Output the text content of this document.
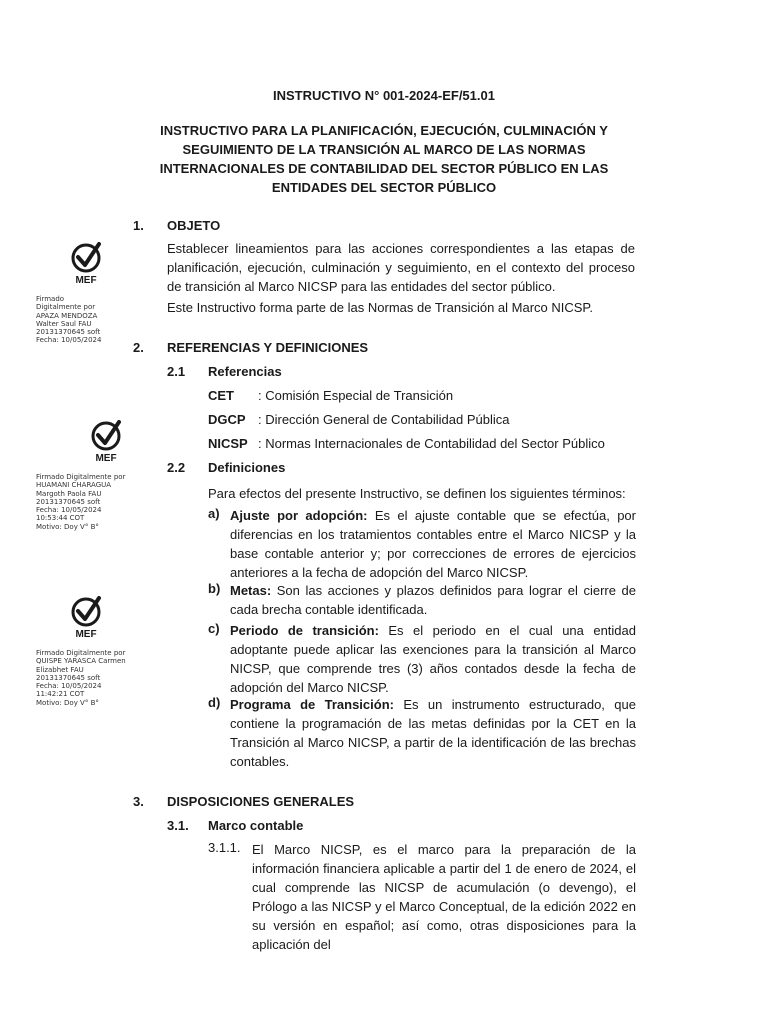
INSTRUCTIVO N° 001-2024-EF/51.01
INSTRUCTIVO PARA LA PLANIFICACIÓN, EJECUCIÓN, CULMINACIÓN Y
SEGUIMIENTO DE LA TRANSICIÓN AL MARCO DE LAS NORMAS
INTERNACIONALES DE CONTABILIDAD DEL SECTOR PÚBLICO EN LAS
ENTIDADES DEL SECTOR PÚBLICO
1. OBJETO
Establecer lineamientos para las acciones correspondientes a las etapas de planificación, ejecución, culminación y seguimiento, en el contexto del proceso de transición al Marco NICSP para las entidades del sector público.
Este Instructivo forma parte de las Normas de Transición al Marco NICSP.
2. REFERENCIAS Y DEFINICIONES
2.1 Referencias
CET : Comisión Especial de Transición
DGCP : Dirección General de Contabilidad Pública
NICSP : Normas Internacionales de Contabilidad del Sector Público
2.2 Definiciones
Para efectos del presente Instructivo, se definen los siguientes términos:
a) Ajuste por adopción: Es el ajuste contable que se efectúa, por diferencias en los tratamientos contables entre el Marco NICSP y la base contable anterior y; por correcciones de errores de ejercicios anteriores a la fecha de adopción del Marco NICSP.
b) Metas: Son las acciones y plazos definidos para lograr el cierre de cada brecha contable identificada.
c) Periodo de transición: Es el periodo en el cual una entidad adoptante puede aplicar las exenciones para la transición al Marco NICSP, que comprende tres (3) años contados desde la fecha de adopción del Marco NICSP.
d) Programa de Transición: Es un instrumento estructurado, que contiene la programación de las metas definidas por la CET en la Transición al Marco NICSP, a partir de la identificación de las brechas contables.
3. DISPOSICIONES GENERALES
3.1. Marco contable
3.1.1. El Marco NICSP, es el marco para la preparación de la información financiera aplicable a partir del 1 de enero de 2024, el cual comprende las NICSP de acumulación (o devengo), el Prólogo a las NICSP y el Marco Conceptual, de la edición 2022 en su versión en español; así como, otras disposiciones para la aplicación del
MEF
Firmado
Digitalmente por
APAZA MENDOZA
Walter Saul FAU
20131370645 soft
Fecha: 10/05/2024
MEF
Firmado Digitalmente por
HUAMANI CHARAGUA
Margoth Paola FAU
20131370645 soft
Fecha: 10/05/2024
10:53:44 COT
Motivo: Doy V° B°
MEF
Firmado Digitalmente por
QUISPE YARASCA Carmen
Elizabhet FAU
20131370645 soft
Fecha: 10/05/2024
11:42:21 COT
Motivo: Doy V° B°
